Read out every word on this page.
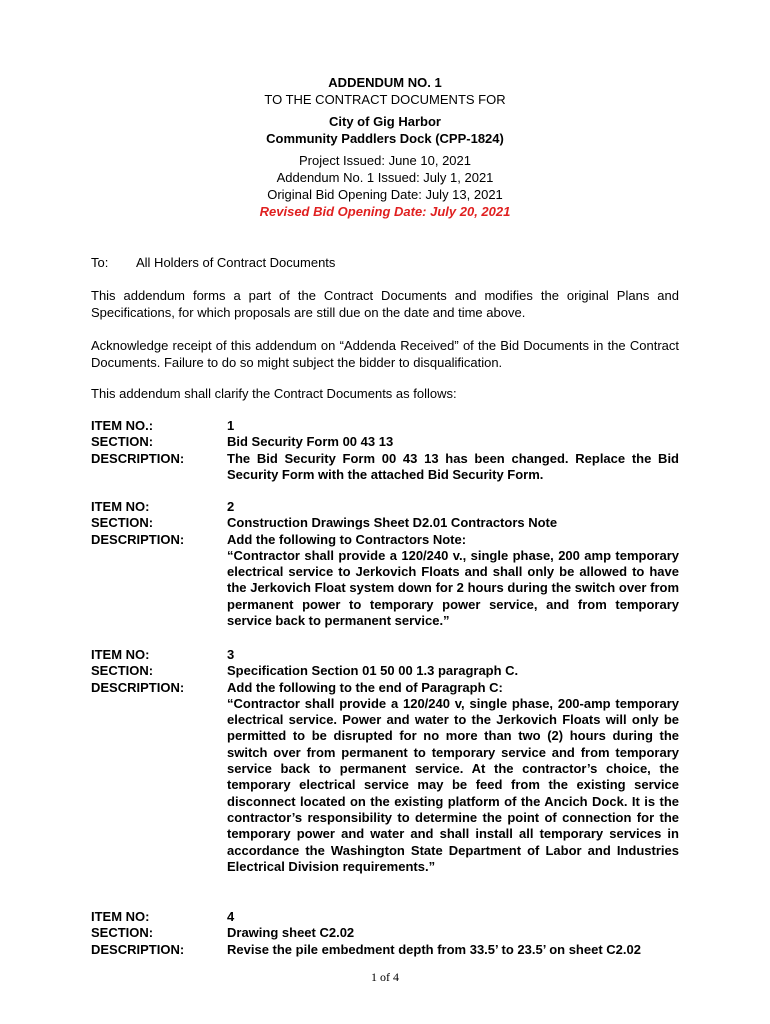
ADDENDUM NO. 1
TO THE CONTRACT DOCUMENTS FOR
City of Gig Harbor
Community Paddlers Dock (CPP-1824)
Project Issued: June 10, 2021
Addendum No. 1 Issued: July 1, 2021
Original Bid Opening Date: July 13, 2021
Revised Bid Opening Date: July 20, 2021
To: All Holders of Contract Documents
This addendum forms a part of the Contract Documents and modifies the original Plans and Specifications, for which proposals are still due on the date and time above.
Acknowledge receipt of this addendum on “Addenda Received” of the Bid Documents in the Contract Documents. Failure to do so might subject the bidder to disqualification.
This addendum shall clarify the Contract Documents as follows:
ITEM NO.:
SECTION:
DESCRIPTION:
1
Bid Security Form 00 43 13
The Bid Security Form 00 43 13 has been changed. Replace the Bid Security Form with the attached Bid Security Form.
ITEM NO:
SECTION:
DESCRIPTION:
2
Construction Drawings Sheet D2.01 Contractors Note
Add the following to Contractors Note:
“Contractor shall provide a 120/240 v., single phase, 200 amp temporary electrical service to Jerkovich Floats and shall only be allowed to have the Jerkovich Float system down for 2 hours during the switch over from permanent power to temporary power service, and from temporary service back to permanent service.”
ITEM NO:
SECTION:
DESCRIPTION:
3
Specification Section 01 50 00 1.3 paragraph C.
Add the following to the end of Paragraph C:
“Contractor shall provide a 120/240 v, single phase, 200-amp temporary electrical service. Power and water to the Jerkovich Floats will only be permitted to be disrupted for no more than two (2) hours during the switch over from permanent to temporary service and from temporary service back to permanent service. At the contractor’s choice, the temporary electrical service may be feed from the existing service disconnect located on the existing platform of the Ancich Dock. It is the contractor’s responsibility to determine the point of connection for the temporary power and water and shall install all temporary services in accordance the Washington State Department of Labor and Industries Electrical Division requirements.”
ITEM NO:
SECTION:
DESCRIPTION:
4
Drawing sheet C2.02
Revise the pile embedment depth from 33.5’ to 23.5’ on sheet C2.02
1 of 4
